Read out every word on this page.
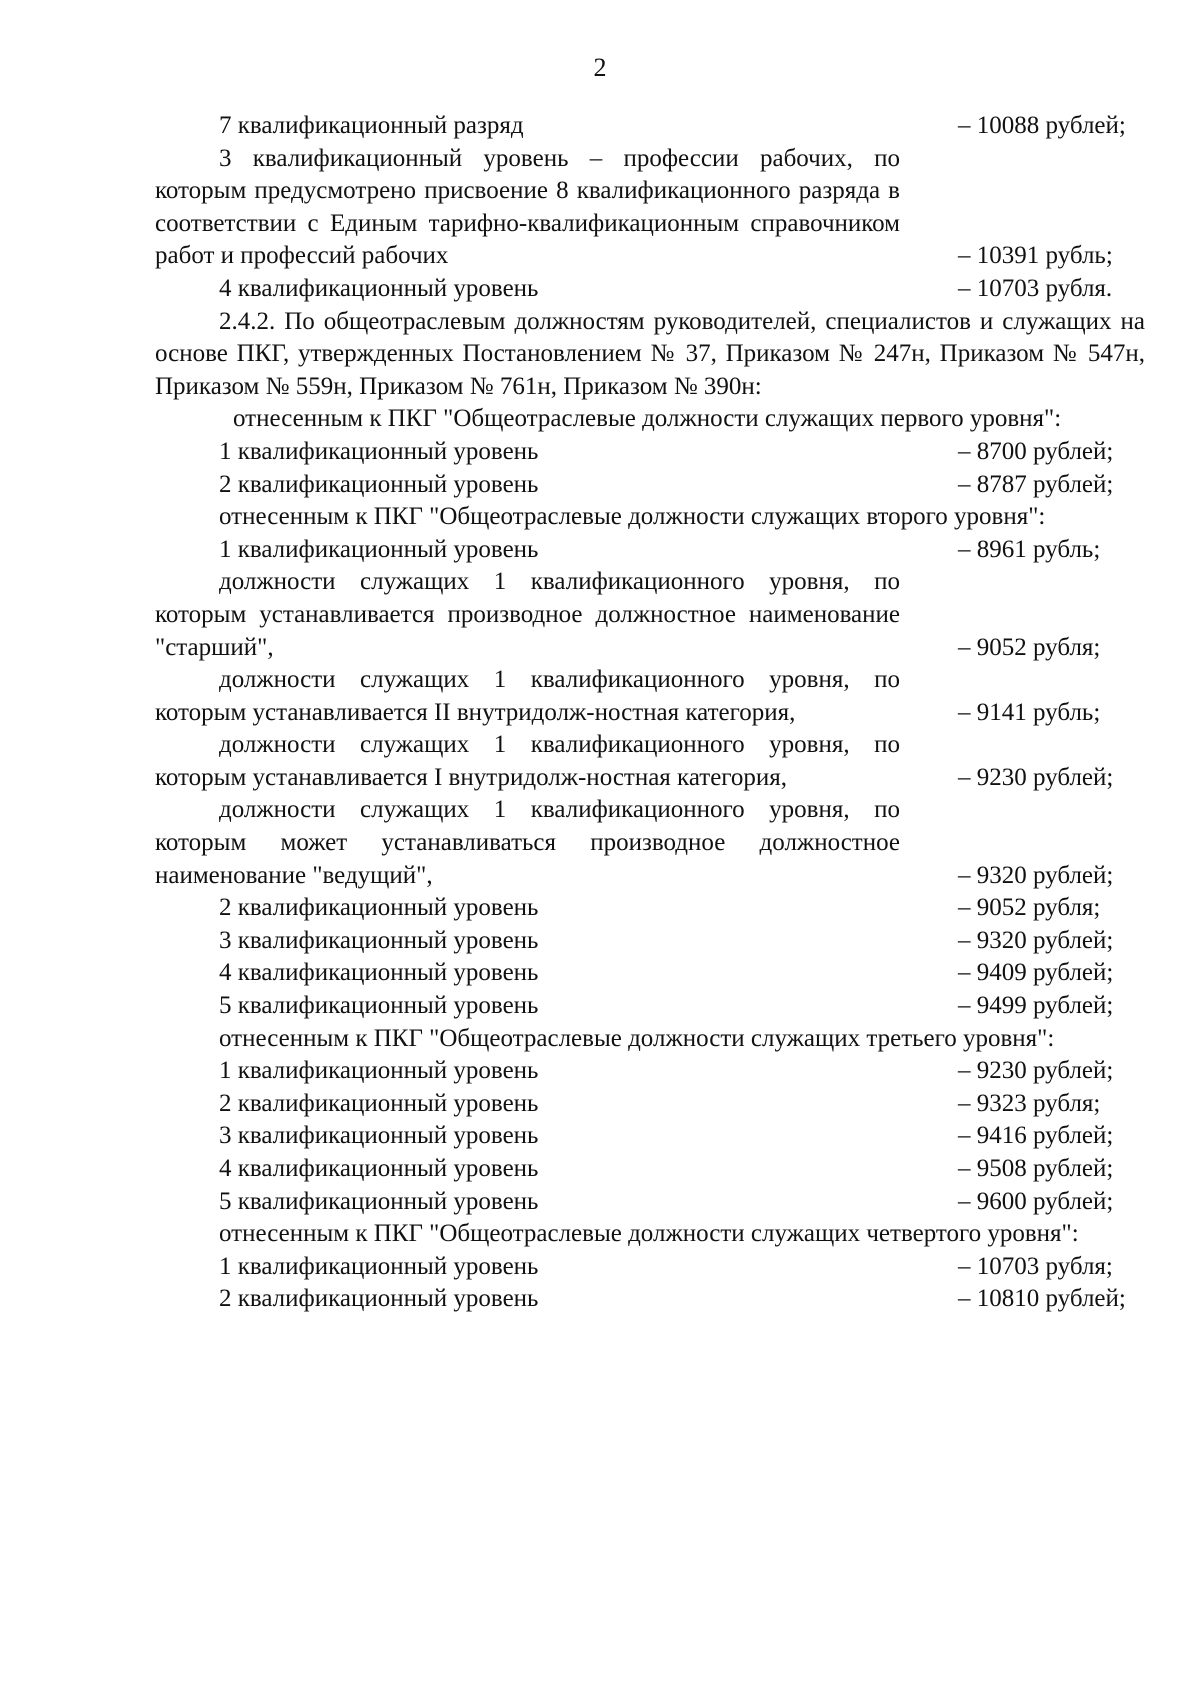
2
7 квалификационный разряд	– 10088 рублей;
3 квалификационный уровень – профессии рабочих, по которым предусмотрено присвоение 8 квалификационного разряда в соответствии с Единым тарифно-квалификационным справочником работ и профессий рабочих	– 10391 рубль;
4 квалификационный уровень	– 10703 рубля.
2.4.2. По общеотраслевым должностям руководителей, специалистов и служащих на основе ПКГ, утвержденных Постановлением № 37, Приказом № 247н, Приказом № 547н, Приказом № 559н, Приказом № 761н, Приказом № 390н:
отнесенным к ПКГ "Общеотраслевые должности служащих первого уровня":
1 квалификационный уровень	– 8700 рублей;
2 квалификационный уровень	– 8787 рублей;
отнесенным к ПКГ "Общеотраслевые должности служащих второго уровня":
1 квалификационный уровень	– 8961 рубль;
должности служащих 1 квалификационного уровня, по которым устанавливается производное должностное наименование "старший",	– 9052 рубля;
должности служащих 1 квалификационного уровня, по которым устанавливается II внутридолж-ностная категория,	– 9141 рубль;
должности служащих 1 квалификационного уровня, по которым устанавливается I внутридолж-ностная категория,	– 9230 рублей;
должности служащих 1 квалификационного уровня, по которым может устанавливаться производное должностное наименование "ведущий",	– 9320 рублей;
2 квалификационный уровень	– 9052 рубля;
3 квалификационный уровень	– 9320 рублей;
4 квалификационный уровень	– 9409 рублей;
5 квалификационный уровень	– 9499 рублей;
отнесенным к ПКГ "Общеотраслевые должности служащих третьего уровня":
1 квалификационный уровень	– 9230 рублей;
2 квалификационный уровень	– 9323 рубля;
3 квалификационный уровень	– 9416 рублей;
4 квалификационный уровень	– 9508 рублей;
5 квалификационный уровень	– 9600 рублей;
отнесенным к ПКГ "Общеотраслевые должности служащих четвертого уровня":
1 квалификационный уровень	– 10703 рубля;
2 квалификационный уровень	– 10810 рублей;
